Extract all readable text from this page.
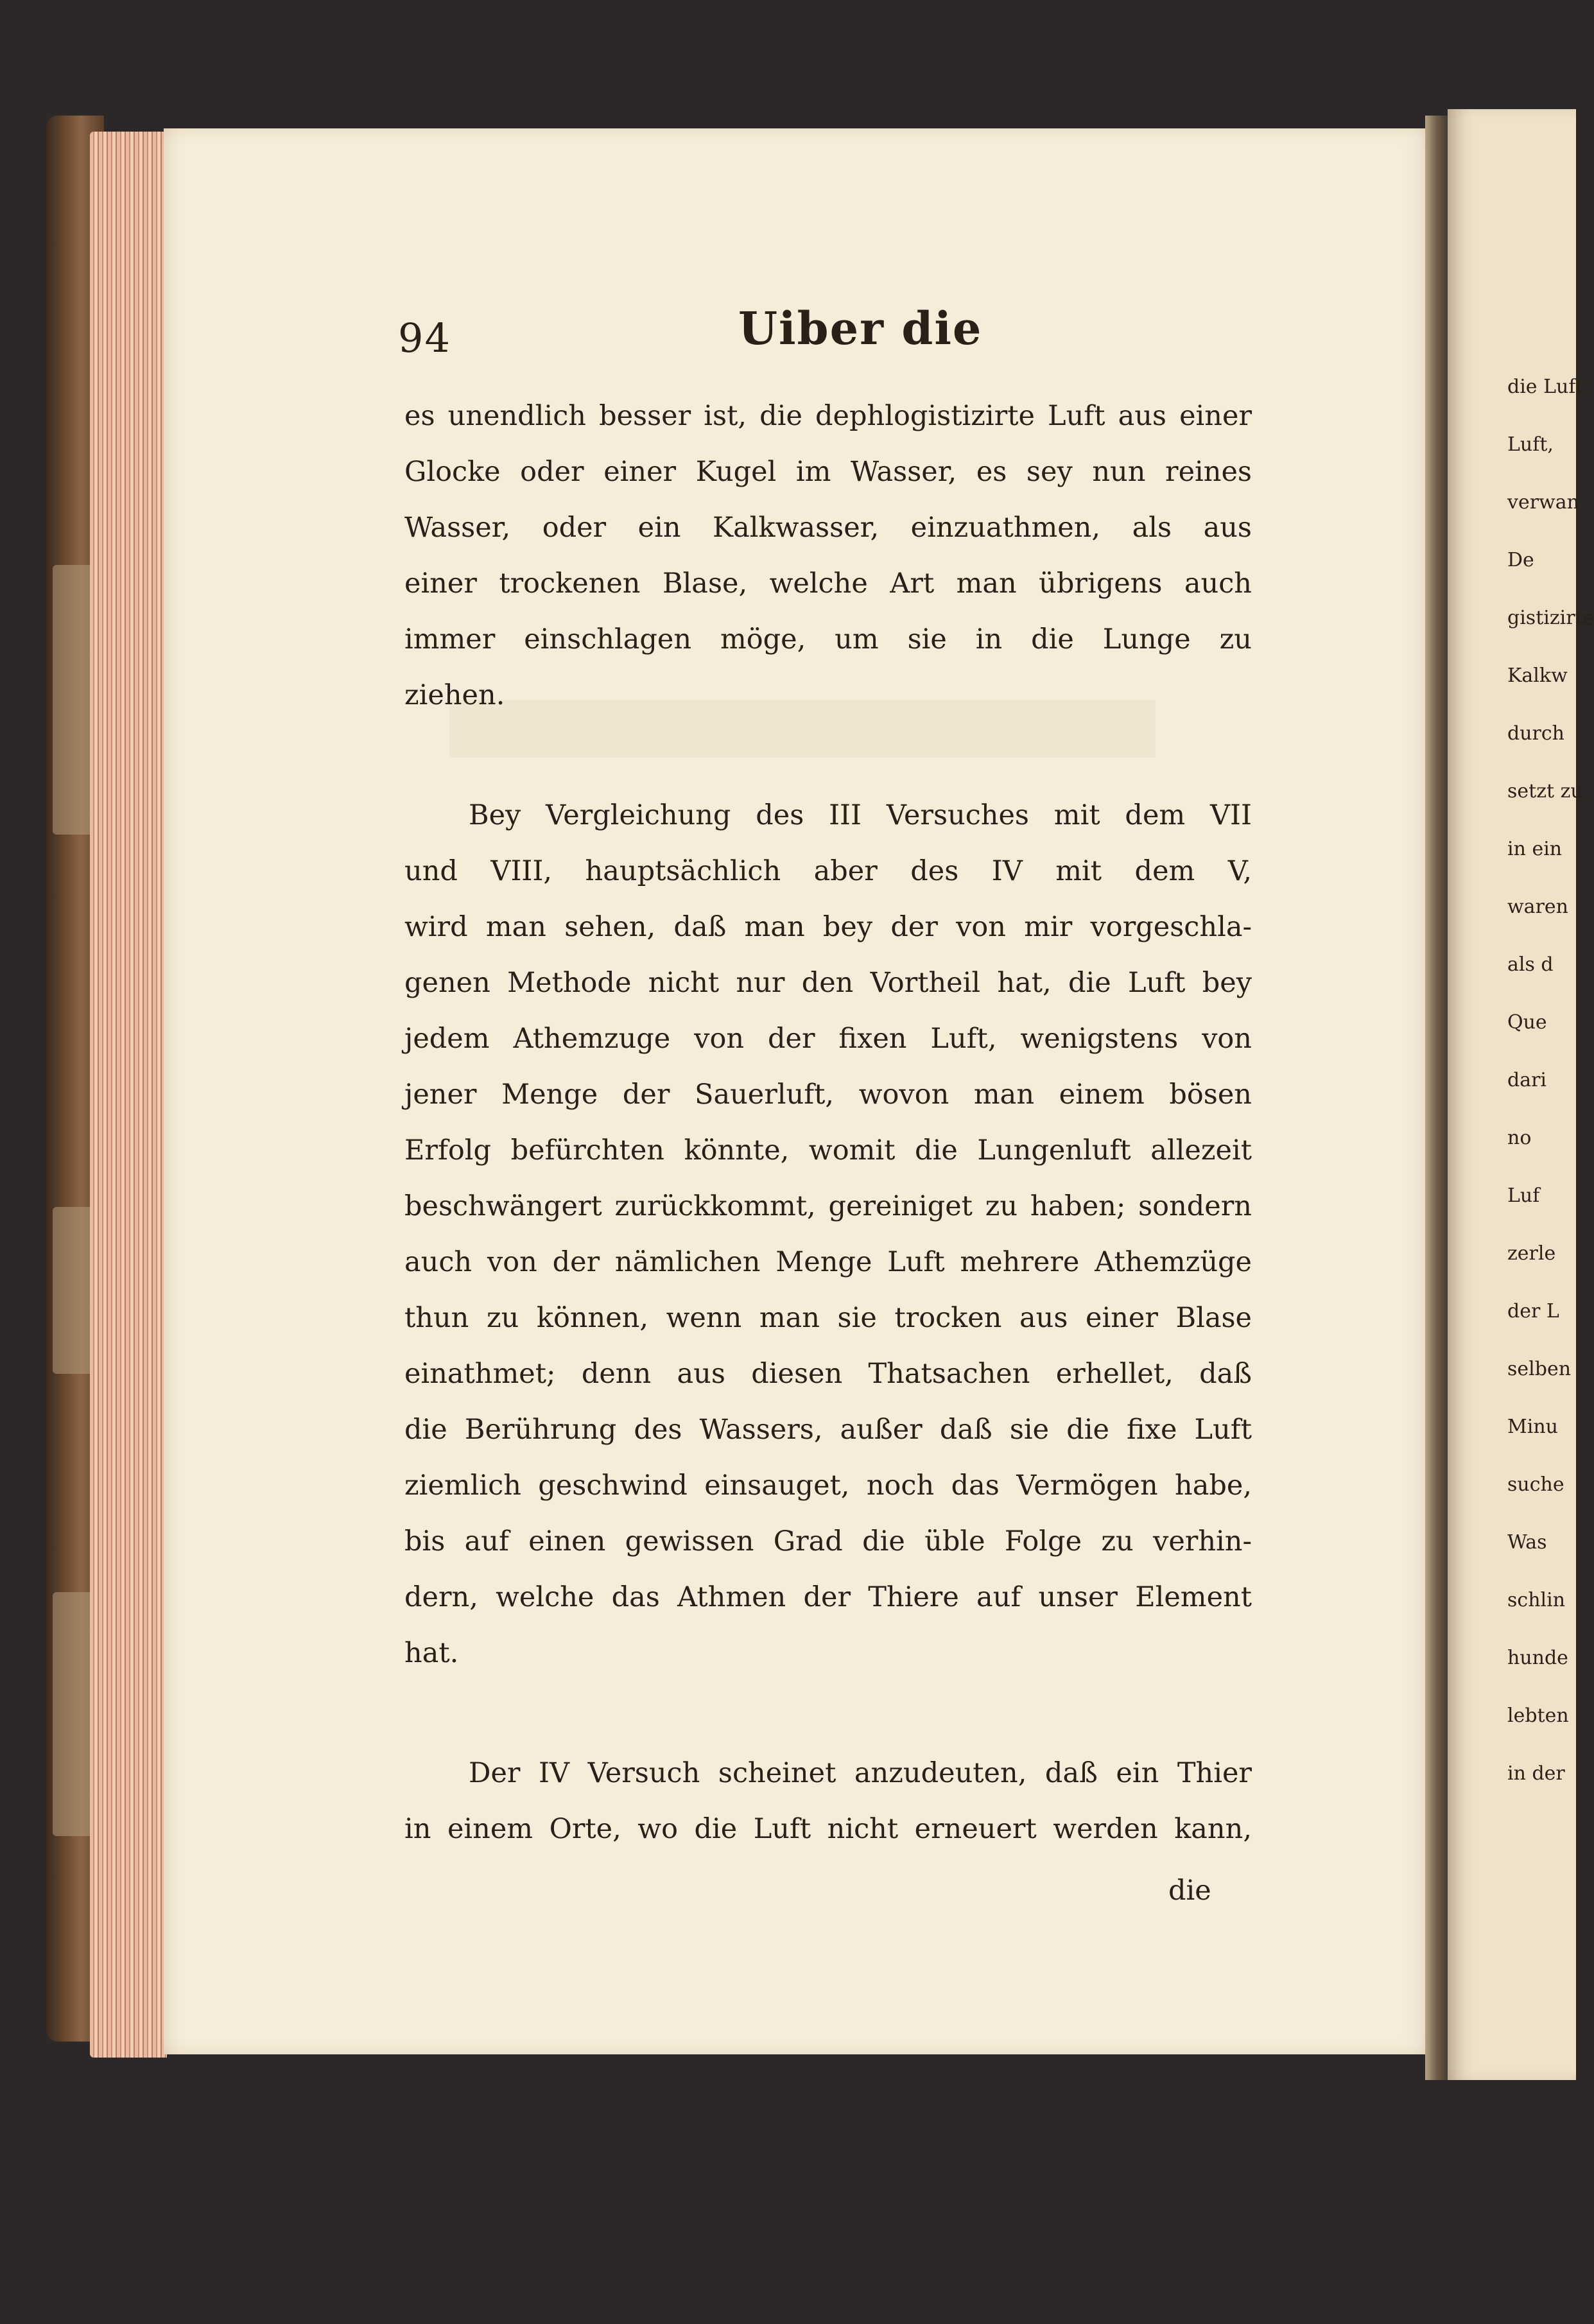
die Luft
Luft,
verwan
De
gistizirte
Kalkw
durch
setzt zu
in ein
waren
als d
Que
dari
no
Luf
zerle
der L
selben
Minu
suche
Was
schlin
hunde
lebten
in der
94	Uiber die
es unendlich besser ist, die dephlogistizirte Luft aus einer
Glocke oder einer Kugel im Wasser, es sey nun reines
Wasser, oder ein Kalkwasser, einzuathmen, als aus
einer trockenen Blase, welche Art man übrigens auch
immer einschlagen möge, um sie in die Lunge zu
ziehen.
Bey Vergleichung des III Versuches mit dem VII
und VIII, hauptsächlich aber des IV mit dem V,
wird man sehen, daß man bey der von mir vorgeschla-
genen Methode nicht nur den Vortheil hat, die Luft bey
jedem Athemzuge von der fixen Luft, wenigstens von
jener Menge der Sauerluft, wovon man einem bösen
Erfolg befürchten könnte, womit die Lungenluft allezeit
beschwängert zurückkommt, gereiniget zu haben; sondern
auch von der nämlichen Menge Luft mehrere Athemzüge
thun zu können, wenn man sie trocken aus einer Blase
einathmet; denn aus diesen Thatsachen erhellet, daß
die Berührung des Wassers, außer daß sie die fixe Luft
ziemlich geschwind einsauget, noch das Vermögen habe,
bis auf einen gewissen Grad die üble Folge zu verhin-
dern, welche das Athmen der Thiere auf unser Element
hat.
Der IV Versuch scheinet anzudeuten, daß ein Thier
in einem Orte, wo die Luft nicht erneuert werden kann,
die
